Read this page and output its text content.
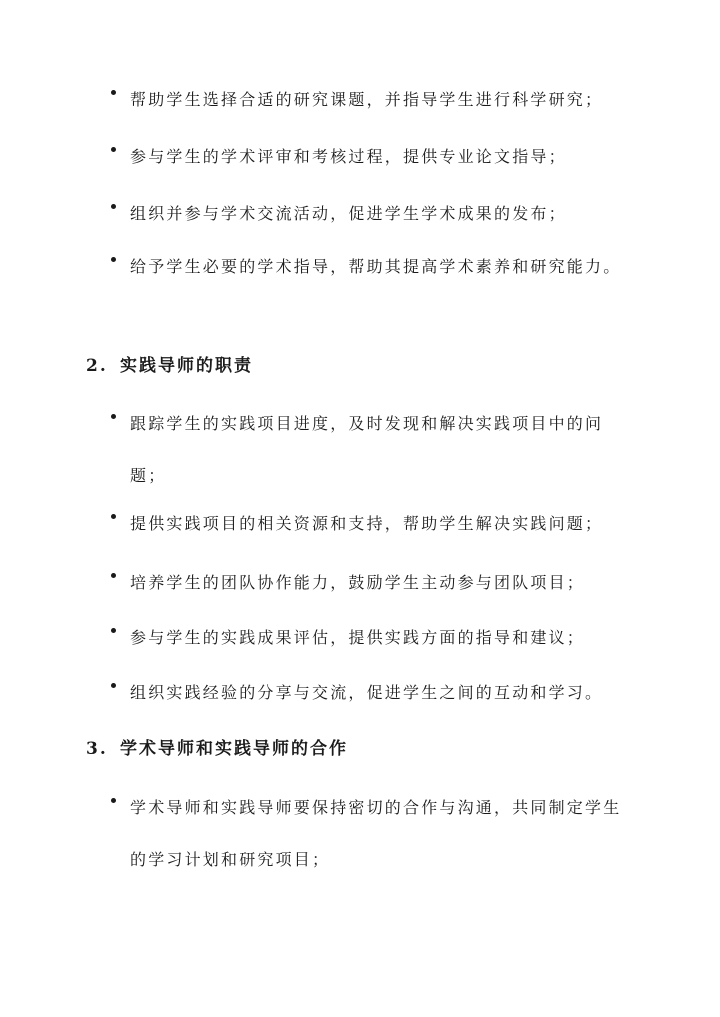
帮助学生选择合适的研究课题，并指导学生进行科学研究；
参与学生的学术评审和考核过程，提供专业论文指导；
组织并参与学术交流活动，促进学生学术成果的发布；
给予学生必要的学术指导，帮助其提高学术素养和研究能力。
2. 实践导师的职责
跟踪学生的实践项目进度，及时发现和解决实践项目中的问题；
提供实践项目的相关资源和支持，帮助学生解决实践问题；
培养学生的团队协作能力，鼓励学生主动参与团队项目；
参与学生的实践成果评估，提供实践方面的指导和建议；
组织实践经验的分享与交流，促进学生之间的互动和学习。
3. 学术导师和实践导师的合作
学术导师和实践导师要保持密切的合作与沟通，共同制定学生的学习计划和研究项目；
